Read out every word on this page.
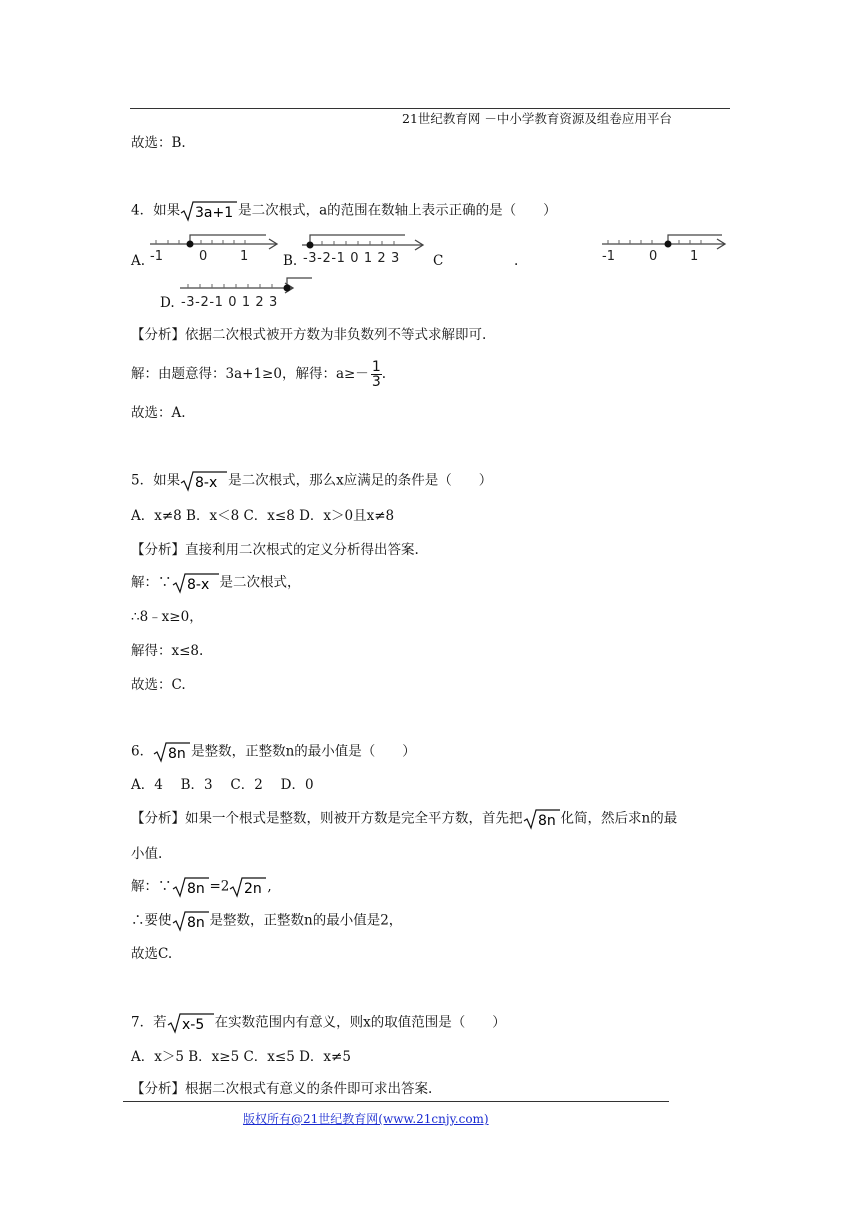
21世纪教育网 －中小学教育资源及组卷应用平台
故选：B.
4．如果 3a+1 是二次根式，a的范围在数轴上表示正确的是（　　）
A. -1	0	1	B. -3-2-1 0 1 2 3 C	.	-1	0	1
D. -3-2-1 0 1 2 3
【分析】依据二次根式被开方数为非负数列不等式求解即可.
解：由题意得：3a+1≥0，解得：$a\ge- \frac{1}{3}$ .
故选：A.
5．如果 8-x 是二次根式，那么x应满足的条件是（　　）
A．x≠8 B．x＜8 C．x≤8 D．x＞0且x≠8
【分析】直接利用二次根式的定义分析得出答案.
解：∵ 8-x 是二次根式，
∴8﹣x≥0，
解得：x≤8.
故选：C.
6． 8n 是整数，正整数n的最小值是（　　）
A．4　 B．3　 C．2　 D．0
【分析】如果一个根式是整数，则被开方数是完全平方数，首先把 8n 化简，然后求n的最
小值.
解：∵ 8n =2 2n ,
∴要使 8n 是整数，正整数n的最小值是2，
故选C.
7．若 x-5 在实数范围内有意义，则x的取值范围是（　　）
A．x＞5 B．x≥5 C．x≤5 D．x≠5
【分析】根据二次根式有意义的条件即可求出答案.
版权所有@21世纪教育网(www.21cnjy.com)
